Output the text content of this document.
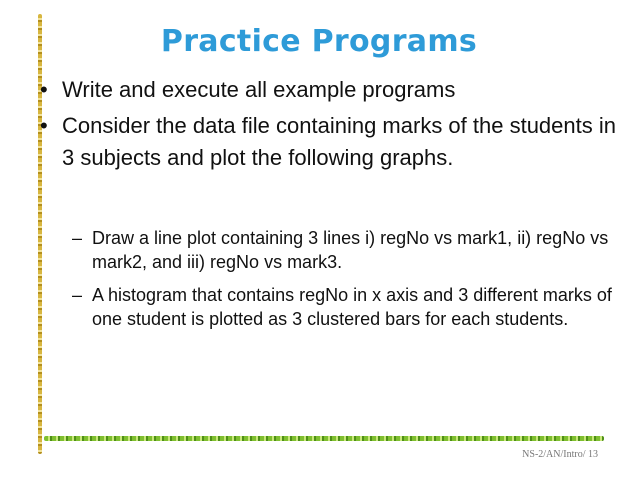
Practice Programs
• Write and execute all example programs
• Consider the data file containing marks of the students in 3 subjects and plot the following graphs.
– Draw a line plot containing 3 lines i) regNo vs mark1, ii) regNo vs mark2, and iii) regNo vs mark3.
– A histogram that contains regNo in x axis and 3 different marks of one student is plotted as 3 clustered bars for each students.
NS-2/AN/Intro/ 13
